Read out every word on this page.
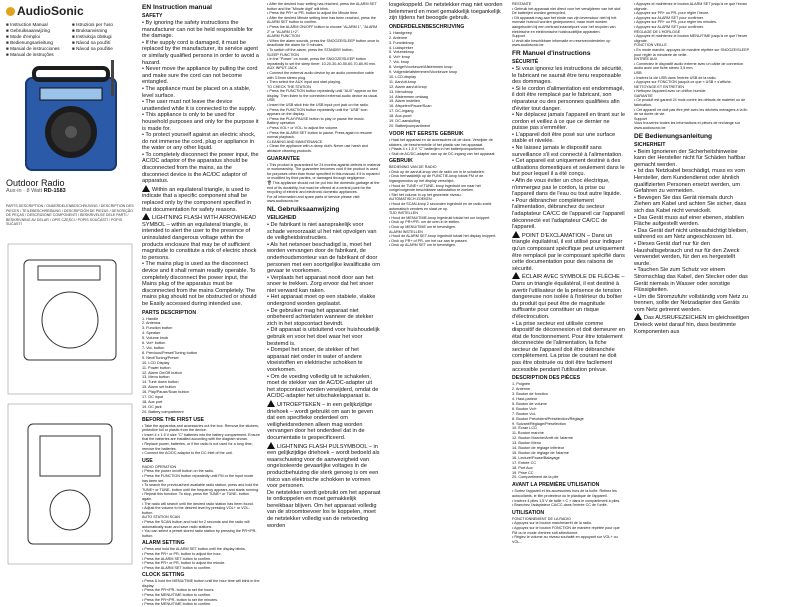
AudioSonic
■ Instruction Manual	■ Istruzioni per l'uso
■ Gebruiksaanwijzing	■ Bruksanvisning
■ Mode d'emploi	■ Instrukcja obsługi
■ Bedienungsanleitung	■ Návod na použití
■ Manual de instrucciones	■ Návod na použitie
■ Manual de instruções
Outdoor Radio
Aux-in · 8 Watt RD-1583
PARTS DESCRIPTION / ONDERDELENBESCHRIJVING / DESCRIPTION DES PIECES / TEILEBESCHREIBUNG / DESCRIPCIÓN DE PIEZAS / DESCRIÇÃO DE PEÇAS / DESCRIZIONE COMPONENTI / BESKRIVELSE DELE PARTI / BESKRIVNING AV DELAR / OPIS CZĘŚCI / POPIS SOUČÁSTÍ / POPIS SÚČASTÍ
EN Instruction manual
SAFETY
• By ignoring the safety instructions the manufacturer can not be held responsible for the damage.
• If the supply cord is damaged, it must be replaced by the manufacturer, its service agent or similarly qualified persons in order to avoid a hazard.
• Never move the appliance by pulling the cord and make sure the cord can not become entangled.
• The appliance must be placed on a stable, level surface.
• The user must not leave the device unattended while it is connected to the supply.
• This appliance is only to be used for household purposes and only for the purpose it is made for.
• To protect yourself against an electric shock, do not immerse the cord, plug or appliance in the water or any other liquid.
• To completely disconnect the power input, the AC/DC adaptor of the apparatus should be disconnected from the mains, as the disconnect device is the AC/DC adaptor of apparatus.
Within an equilateral triangle, is used to indicate that a specific component shall be replaced only by the component specified in that documentation for safety reasons.
LIGHTNING FLASH WITH ARROWHEAD SYMBOL – within an equilateral triangle, is intended to alert the user to the presence of uninsulated dangerous voltage within the products enclosure that may be of sufficient magnitude to constitute a risk of electric shock to persons.
• The mains plug is used as the disconnect device and it shall remain readily operable. To completely disconnect the power input, the Mains plug of the apparatus must be disconnected from the mains Completely. The mains plug should not be obstructed or should be Easily accessed during intended use.
PARTS DESCRIPTION
1. Handle
2. Antenna
3. Function button
4. Speaker
5. Volume knob
6. Vol+ button
7. Vol- button
8. Previous/Preset/Tuning button
9. Next/Tuning/Preset
10. LCD Display
11. Power button
12. Alarm On/Off button
13. Menu button
14. Tune down button
15. Alarm set button
16. Play/Pause/Scan button
17. DC input
18. Aux port
19. DC jack
20. Battery compartment
BEFORE THE FIRST USE
• Take the apparatus and accessories out the box. Remove the stickers, protective foil or plastic from the device.
• Insert 4 x 1.5 V size "C" batteries into the battery compartment. Ensure that the batteries are installed according with the diagram shown.
• Replace power, batteries, or if the radio is not used for a long time, remove the batteries.
• Connect the AC/DC adaptor to the DC inlet of the unit.
USE
RADIO OPERATION
• Press the power on/off button on the radio.
• Press the FUNCTION button repeatedly until FM or the input mode has been set.
• To search the previous/next available radio station, press and hold the TUNE+ or TUNE- button until the frequency appears and starts running.
• Repeat this function. To stop, press the TUNE+ or TUNE- button again.
• The radio will search until the desired radio station has been found.
• Adjust the volume to the desired level by pressing VOL+ or VOL- button.
AUTO STATION SCAN
• Press the SCAN button and hold for 2 seconds and the radio will automatically scan and save radio stations.
• You can select a preset stored radio station by pressing the PR+/PR- button.
ALARM SETTING
• Press and hold the ALARM SET button until the display blinks.
• Press the PR+ or PR- button to adjust the hour.
• Press the ALARM SET button to confirm.
• Press the PR+ or PR- button to adjust the minute.
• Press the ALARM SET button to confirm.
CLOCK SETTING
• Press & hold the MENU/TIME button until the hour time will blink in the display.
• Press the PR+/PR- button to set the hours.
• Press the MENU/TIME button to confirm.
• Press the PR+/PR- button to set the minutes.
• Press the MENU/TIME button to confirm.
• After the desired hour setting has reached, press the ALARM SET button and the "Minute digit" will blink.
• Press the PR+ or PR- button to adjust the Minute time.
• After the desired Minute setting time has been reached, press the ALARM SET button to confirm.
• Press the ALARM ON/OFF button to choose "ALARM 1", "ALARM 2" or "ALARM 1+2".
ALARM FUNCTION
• When the alarm sounds, press the SNOOZE/SLEEP button once to deactivate the alarm for 9 minutes.
• To switch off the alarm, press the STANDBY button.
SLEEP FUNCTION
• In the "Power" on mode, press the SNOOZE/SLEEP button repeatedly to set the sleep timer: 10-20-30-40-50-60-70-80-90 min.
AUX INPUT JACK
• Connect the external audio device by an audio connection cable with 3.5mm stereo plug.
• Then select the AUX input and start playing.
TO CHECK THE STATION
• Press the FUNCTION button repeatedly until "AUX" appear on the display. Then listen to the connected external audio device as usual.
USB
• Insert the USB stick into the USB input port jack on the radio.
• Press the FUNCTION button repeatedly until the "USB" icon appears on the display.
• Press the PLAY/PAUSE button to play or pause the music.
Battery operation
• Press VOL+ or VOL- to adjust the volume.
• Press the ALARM SET button to pause. Press again to resume normal playback.
CLEANING AND MAINTENANCE
• Clean the appliance with a damp cloth. Never use harsh and abrasive cleaning products.
GUARANTEE
• This product is guaranteed for 24 months against defects in material or workmanship. The guarantee becomes void if the product is used for purposes other than those specified in this manual, if it is repaired or modified by third parties, or damaged through negligence.
🗑 This appliance should not be put into the domestic garbage at the end of its durability, but must be offered at a central point for the recycling of electric and electronic domestic appliances.
For all information and spare parts of service please visit: www.audiosonic.be
NL Gebruiksaanwijzing
VEILIGHEID
• De fabrikant is niet aansprakelijk voor schade veroorzaakt ul het niet opvolgen van de veiligheidsinstructies.
• Als het netsnoer beschadigd is, moet het worden vervangen door de fabrikant, de onderhoudsmonteur van de fabrikant of door personen met een soortgelijke kwalificatie om gevaar te voorkomen.
• Verplaats het apparaat nooit door aan het snoer te trekken. Zorg ervoor dat het snoer niet verward kan raken.
• Het apparaat moet op een stabiele, vlakke ondergrond worden geplaatst.
• De gebruiker mag het apparaat niet onbeheerd achterlaten wanneer de stekker zich in het stopcontact bevindt.
• Dit apparaat is uitsluitend voor huishoudelijk gebruik en voor het doel waar het voor bestemd is.
• Dompel het snoer, de stekker of het apparaat niet onder in water of andere vloeistoffen en elektrische schokken te voorkomen.
• Om de voeding volledig uit te schakelen, moet de stekker van de AC/DC-adapter uit het stopcontact worden verwijderd, omdat de AC/DC-adapter het uitschakelapparaat is.
UITROEPTEKEN – in een gelijkzijdige driehoek – wordt gebruikt om aan te geven dat een specifieke onderdeel om veiligheidsredenen alleen mag worden vervangen door het onderdeel dat in de documentatie is gespecificeerd.
LIGHTNING FLASH PIJLSYMBOOL – in een gelijkzijdige driehoek – wordt bedoeld als waarschuwing voor de aanwezigheid van ongeïsoleerde gevaarlijke voltages in de productbehuizing die sterk genoeg is om een risico van elektrische schokken te vormen voor personen.
De netstekker wordt gebruikt om het apparaat te ontkoppelen en moet gemakkelijk bereikbaar blijven. Om het apparaat volledig van de stroomtoevoer los te koppelen, moet de netstekker volledig van de netvoeding worden
losgekoppeld. De netstekker mag niet worden belemmerd en moet gemakkelijk toegankelijk zijn tijdens het beoogde gebruik.
ONDERDELENBESCHRIJVING
1. Handgreep
2. Antenne
3. Functieknop
4. Luidspreker
5. Volumeknop
6. Vol+ knop
7. Vol- knop
8. Vorige/Voorkeuze/Afstemmen knop
9. Volgende/afstemmen/Voorkeuze knop
10. LCD-display
11. Aan/uit-knop
12. Alarm aan/uit knop
13. Menuknop
14. Afstemmen omlaag
15. Alarm instellen
16. Afspelen/Pauze/Scan
17. DC-ingang
18. Aux-poort
19. DC-aansluiting
20. Batterijcompartiment
VOOR HET EERSTE GEBRUIK
• Haal het apparaat en de accessoires uit de doos. Verwijder de stickers, de beschermfolie of het plastic van het apparaat.
• Plaats 4 x 1,5 V "C" batterijen in het batterijcompartiment.
• Sluit de AC/DC-adapter aan op de DC-ingang van het apparaat.
GEBRUIK
BEDIENING VAN DE RADIO
• Druk op de aan/uit-knop van de radio om in te schakelen.
• Druk herhaaldelijk op de FUNCTIE-knop totdat FM of de ingangsmodus op het display verschijnt.
• Houd de TUNE+ of TUNE- knop ingedrukt om naar het vorige/volgende beschikbare radiostation te zoeken.
• Stel het volume in op het gewenste niveau.
AUTOMATISCH ZOEKEN
• Houd de SCAN-knop 2 seconden ingedrukt en de radio zoekt automatisch zenders en slaat ze op.
TIJD INSTELLEN
• Houd de MENU/TIME-knop ingedrukt totdat het uur knippert.
• Druk op PR+/PR- om de uren in te stellen.
• Druk op MENU/TIME om te bevestigen.
ALARM INSTELLEN
• Houd de ALARM SET-knop ingedrukt totdat het display knippert.
• Druk op PR+ of PR- om het uur aan te passen.
• Druk op ALARM SET om te bevestigen.
RESTANTE
• Gebruik het apparaat niet direct voor het verwijderen van het stof. De batterijen worden gerecycled.
• Dit apparaat mag aan het einde van zijn levensduur niet bij het normale huisvuil worden gedeponeerd, maar moet worden aangeboden bij een centraal inzamelpunt voor het recyclen van elektrische en elektronische huishoudelijke apparaten.
Support
U vindt alle beschikbare informatie en reserveonderdelen op www.audiosonic.be
FR Manuel d'instructions
SÉCURITÉ
• Si vous ignorez les instructions de sécurité, le fabricant ne saurait être tenu responsable des dommages.
• Si le cordon d'alimentation est endommagé, il doit être remplacé par le fabricant, son réparateur ou des personnes qualifiées afin d'éviter tout danger.
• Ne déplacez jamais l'appareil en tirant sur le cordon et veillez à ce que ce dernier ne puisse pas s'emmêler.
• L'appareil doit être posé sur une surface stable et nivelée.
• Ne laissez jamais le dispositif sans surveillance s'il est connecté à l'alimentation.
• Cet appareil est uniquement destiné à des utilisations domestiques et seulement dans le but pour lequel il a été conçu.
• Afin de vous éviter un choc électrique, n'immergez pas le cordon, la prise ou l'appareil dans de l'eau ou tout autre liquide.
• Pour débrancher complètement l'alimentation, débranchez du secteur l'adaptateur CA/CC de l'appareil car l'appareil déconnecté est l'adaptateur CA/CC de l'appareil.
POINT D'EXCLAMATION – Dans un triangle équilatéral, il est utilisé pour indiquer qu'un composant spécifique peut uniquement être remplacé par le composant spécifié dans cette documentation pour des raisons de sécurité.
ÉCLAIR AVEC SYMBOLE DE FLÈCHE – Dans un triangle équilatéral, il est destiné à avertir l'utilisateur de la présence de tension dangereuse non isolée à l'intérieur du boîtier du produit qui peut être de magnitude suffisante pour constituer un risque d'électrocution.
• La prise secteur est utilisée comme dispositif de déconnexion et doit demeurer en état de fonctionnement. Pour être totalement déconnectée de l'alimentation, la fiche secteur de l'appareil doit être débranchée complètement. La prise de courant ne doit pas être obstruée ou doit être facilement accessible pendant l'utilisation prévue.
DESCRIPTION DES PIÈCES
1. Poignée
2. Antenne
3. Bouton de fonction
4. Haut-parleur
5. Bouton de volume
6. Bouton Vol+
7. Bouton Vol-
8. Bouton Précédent/Présélection/Réglage
9. Suivant/Réglage/Présélection
10. Écran LCD
11. Bouton marche
12. Bouton Marche/Arrêt de l'alarme
13. Bouton Menu
14. Bouton de réglage inférieur
15. Bouton de réglage de l'alarme
16. Lecture/Pause/Balayage
17. Entrée CC
18. Port Aux
19. Prise CC
20. Compartiment de la pile
AVANT LA PREMIÈRE UTILISATION
• Sortez l'appareil et les accessoires hors de la boîte. Retirez les autocollants, le film protecteur ou le plastique de l'appareil.
• Insérez 4 piles 1,5 V de taille « C » dans le compartiment à piles.
• Branchez l'adaptateur CA/CC dans l'entrée CC de l'unité.
UTILISATION
FONCTIONNEMENT DE LA RADIO
• Appuyez sur le bouton marche/arrêt de la radio.
• Appuyez sur le bouton FONCTION de manière répétée pour que FM ou le mode d'entrée soit sélectionné.
• Réglez le volume au niveau souhaité en appuyant sur VOL+ ou VOL-.
• Appuyez et maintenez le bouton ALARM SET jusqu'à ce que l'écran clignote.
• Appuyez sur PR+ ou PR- pour régler l'heure.
• Appuyez sur ALARM SET pour confirmer.
• Appuyez sur PR+ ou PR- pour régler les minutes.
• Appuyez sur ALARM SET pour confirmer.
RÉGLAGE DE L'HORLOGE
• Appuyez et maintenez le bouton MENU/TIME jusqu'à ce que l'heure clignote.
FONCTION VEILLE
• En mode marche, appuyez de manière répétée sur SNOOZE/SLEEP pour régler la minuterie de veille.
ENTRÉE AUX
• Connectez le dispositif audio externe avec un câble de connexion audio avec une fiche stéréo 3,5 mm.
USB
• Insérez la clé USB dans l'entrée USB de la radio.
• Appuyez sur FONCTION jusqu'à ce que « USB » s'affiche.
NETTOYAGE ET ENTRETIEN
• Nettoyez l'appareil avec un chiffon humide.
GARANTIE
• Ce produit est garanti 24 mois contre les défauts de matériel ou de fabrication.
• Cet appareil ne doit pas être jeté avec les déchets ménagers à la fin de sa durée de vie.
Support
Vous trouverez toutes les informations et pièces de rechange sur www.audiosonic.be
DE Bedienungsanleitung
SICHERHEIT
• Beim Ignorieren der Sicherheitshinweise kann der Hersteller nicht für Schäden haftbar gemacht werden.
• Ist das Netzkabel beschädigt, muss es vom Hersteller, dem Kundendienst oder ähnlich qualifizierten Personen ersetzt werden, um Gefahren zu vermeiden.
• Bewegen Sie das Gerät niemals durch Ziehen am Kabel und achten Sie sicher, dass sich das Kabel nicht verwickelt.
• Das Gerät muss auf einer ebenen, stabilen Fläche aufgestellt werden.
• Das Gerät darf nicht unbeaufsichtigt bleiben, während es am Netz angeschlossen ist.
• Dieses Gerät darf nur für den Haushaltsgebrauch und nur für den Zweck verwendet werden, für den es hergestellt wurde.
• Tauchen Sie zum Schutz vor einem Stromschlag das Kabel, den Stecker oder das Gerät niemals in Wasser oder sonstige Flüssigkeiten.
• Um die Stromzufuhr vollständig vom Netz zu trennen, sollte der Netzadapter des Geräts vom Netz getrennt werden.
Das AUSRUFEZEICHEN im gleichseitigen Dreieck weist darauf hin, dass bestimmte Komponenten aus
